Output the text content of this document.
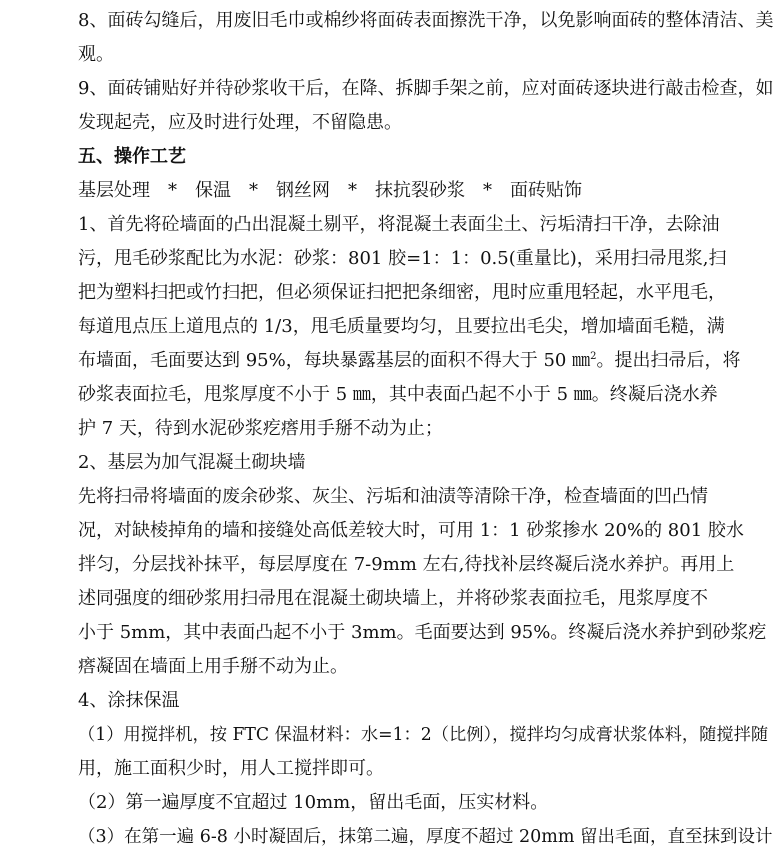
8、面砖勾缝后，用废旧毛巾或棉纱将面砖表面擦洗干净，以免影响面砖的整体清洁、美
观。
9、面砖铺贴好并待砂浆收干后，在降、拆脚手架之前，应对面砖逐块进行敲击检查，如
发现起壳，应及时进行处理，不留隐患。
五、操作工艺
基层处理 * 保温 * 钢丝网 * 抹抗裂砂浆 * 面砖贴饰
1、首先将砼墙面的凸出混凝土剔平，将混凝土表面尘土、污垢清扫干净，去除油
污，甩毛砂浆配比为水泥：砂浆：801 胶=1：1：0.5(重量比)，采用扫帚甩浆,扫
把为塑料扫把或竹扫把，但必须保证扫把把条细密，甩时应重甩轻起，水平甩毛，
每道甩点压上道甩点的 1/3，甩毛质量要均匀，且要拉出毛尖，增加墙面毛糙，满
布墙面，毛面要达到 95%，每块暴露基层的面积不得大于 50 ㎜$^2$。提出扫帚后，将
砂浆表面拉毛，甩浆厚度不小于 5 ㎜，其中表面凸起不小于 5 ㎜。终凝后浇水养
护 7 天，待到水泥砂浆疙瘩用手掰不动为止；
2、基层为加气混凝土砌块墙
先将扫帚将墙面的废余砂浆、灰尘、污垢和油渍等清除干净，检查墙面的凹凸情
况，对缺棱掉角的墙和接缝处高低差较大时，可用 1：1 砂浆掺水 20%的 801 胶水
拌匀，分层找补抹平，每层厚度在 7-9mm 左右,待找补层终凝后浇水养护。再用上
述同强度的细砂浆用扫帚甩在混凝土砌块墙上，并将砂浆表面拉毛，甩浆厚度不
小于 5mm，其中表面凸起不小于 3mm。毛面要达到 95%。终凝后浇水养护到砂浆疙
瘩凝固在墙面上用手掰不动为止。
4、涂抹保温
（1）用搅拌机，按 FTC 保温材料：水=1：2（比例），搅拌均匀成膏状浆体料，随搅拌随
用，施工面积少时，用人工搅拌即可。
（2）第一遍厚度不宜超过 10mm，留出毛面，压实材料。
（3）在第一遍 6-8 小时凝固后，抹第二遍，厚度不超过 20mm 留出毛面，直至抹到设计
